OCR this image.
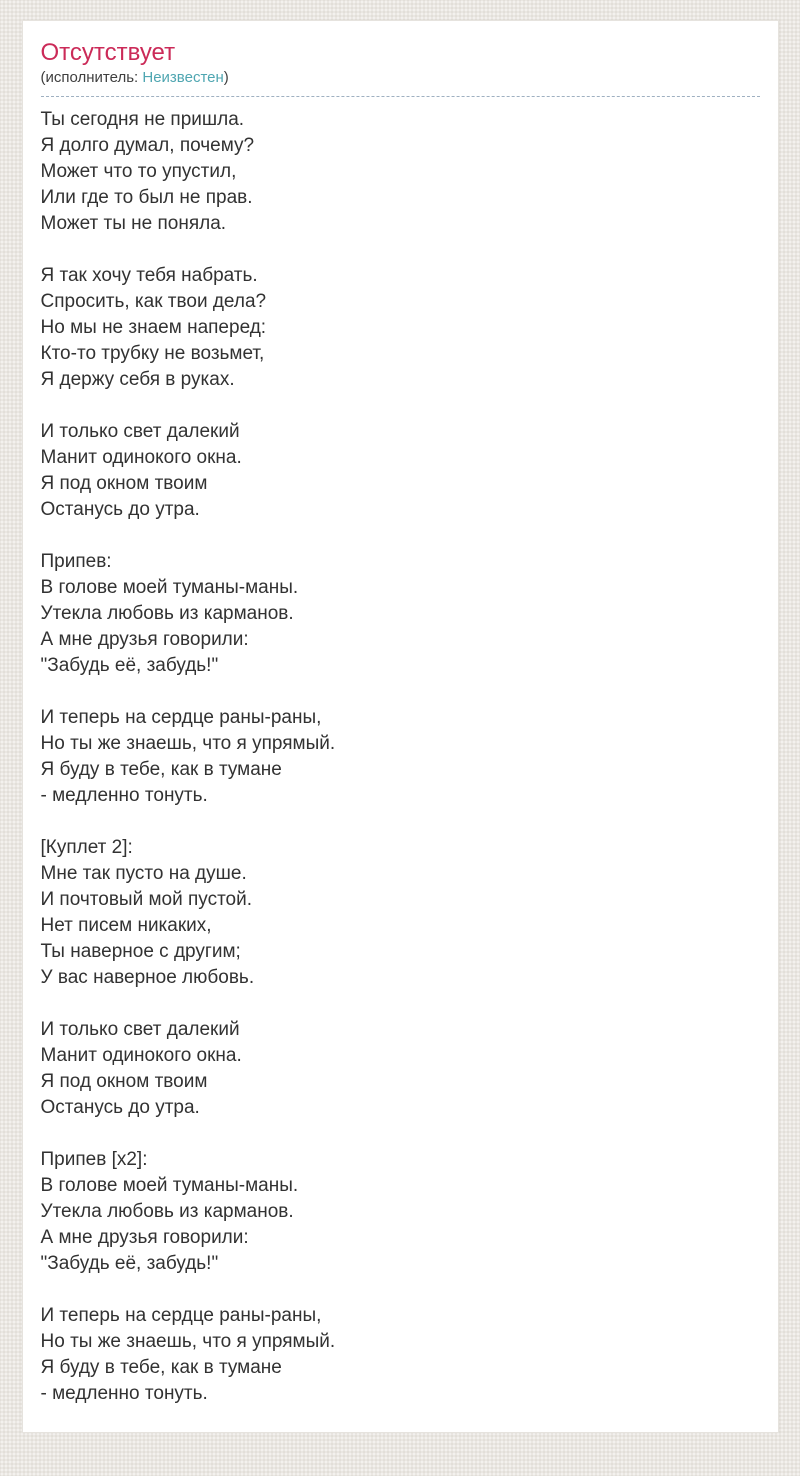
Отсутствует
(исполнитель: Неизвестен)

Ты сегодня не пришла.
Я долго думал, почему?
Может что то упустил,
Или где то был не прав.
Может ты не поняла.

Я так хочу тебя набрать.
Спросить, как твои дела?
Но мы не знаем наперед:
Кто-то трубку не возьмет,
Я держу себя в руках.

И только свет далекий
Манит одинокого окна.
Я под окном твоим
Останусь до утра.

Припев:
В голове моей туманы-маны.
Утекла любовь из карманов.
А мне друзья говорили:
"Забудь её, забудь!"

И теперь на сердце раны-раны,
Но ты же знаешь, что я упрямый.
Я буду в тебе, как в тумане
- медленно тонуть.

[Куплет 2]:
Мне так пусто на душе.
И почтовый мой пустой.
Нет писем никаких,
Ты наверное с другим;
У вас наверное любовь.

И только свет далекий
Манит одинокого окна.
Я под окном твоим
Останусь до утра.

Припев [x2]:
В голове моей туманы-маны.
Утекла любовь из карманов.
А мне друзья говорили:
"Забудь её, забудь!"

И теперь на сердце раны-раны,
Но ты же знаешь, что я упрямый.
Я буду в тебе, как в тумане
- медленно тонуть.
